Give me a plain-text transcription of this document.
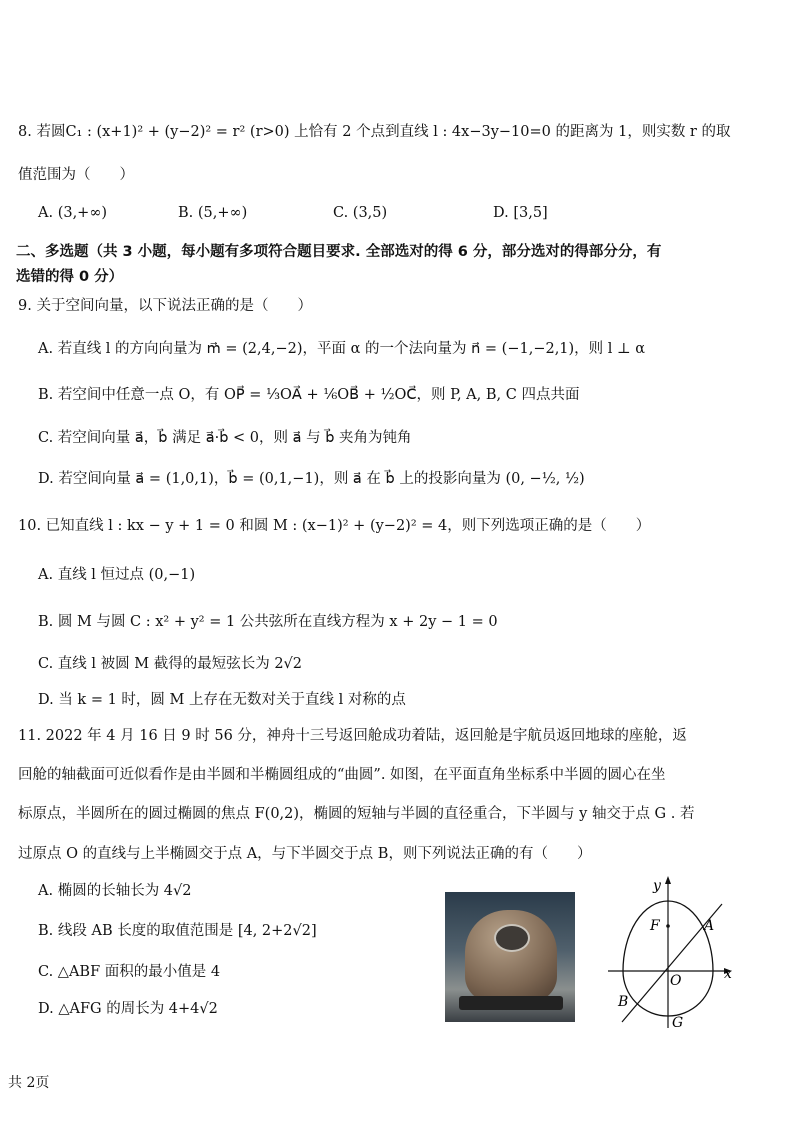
8. 若圆C₁ : (x+1)² + (y−2)² = r² (r>0) 上恰有 2 个点到直线 l : 4x−3y−10=0 的距离为 1，则实数 r 的取
值范围为（　　）
A. (3,+∞)	B. (5,+∞)	C. (3,5)	D. [3,5]
二、多选题（共 3 小题，每小题有多项符合题目要求. 全部选对的得 6 分，部分选对的得部分分，有
选错的得 0 分）
9. 关于空间向量，以下说法正确的是（　　）
A. 若直线 l 的方向向量为 m⃗ = (2,4,−2)，平面 α 的一个法向量为 n⃗ = (−1,−2,1)，则 l ⊥ α
B. 若空间中任意一点 O，有 OP⃗ = ⅓OA⃗ + ⅙OB⃗ + ½OC⃗，则 P, A, B, C 四点共面
C. 若空间向量 a⃗，b⃗ 满足 a⃗·b⃗ < 0，则 a⃗ 与 b⃗ 夹角为钝角
D. 若空间向量 a⃗ = (1,0,1)，b⃗ = (0,1,−1)，则 a⃗ 在 b⃗ 上的投影向量为 (0, −½, ½)
10. 已知直线 l : kx − y + 1 = 0 和圆 M : (x−1)² + (y−2)² = 4，则下列选项正确的是（　　）
A. 直线 l 恒过点 (0,−1)
B. 圆 M 与圆 C : x² + y² = 1 公共弦所在直线方程为 x + 2y − 1 = 0
C. 直线 l 被圆 M 截得的最短弦长为 2√2
D. 当 k = 1 时，圆 M 上存在无数对关于直线 l 对称的点
11. 2022 年 4 月 16 日 9 时 56 分，神舟十三号返回舱成功着陆，返回舱是宇航员返回地球的座舱，返
回舱的轴截面可近似看作是由半圆和半椭圆组成的“曲圆”. 如图，在平面直角坐标系中半圆的圆心在坐
标原点，半圆所在的圆过椭圆的焦点 F(0,2)，椭圆的短轴与半圆的直径重合，下半圆与 y 轴交于点 G . 若
过原点 O 的直线与上半椭圆交于点 A，与下半圆交于点 B，则下列说法正确的有（　　）
A. 椭圆的长轴长为 4√2
B. 线段 AB 长度的取值范围是 [4, 2+2√2]
C. △ABF 面积的最小值是 4
D. △AFG 的周长为 4+4√2
y
x
F	A
O
B
G
共 2页
